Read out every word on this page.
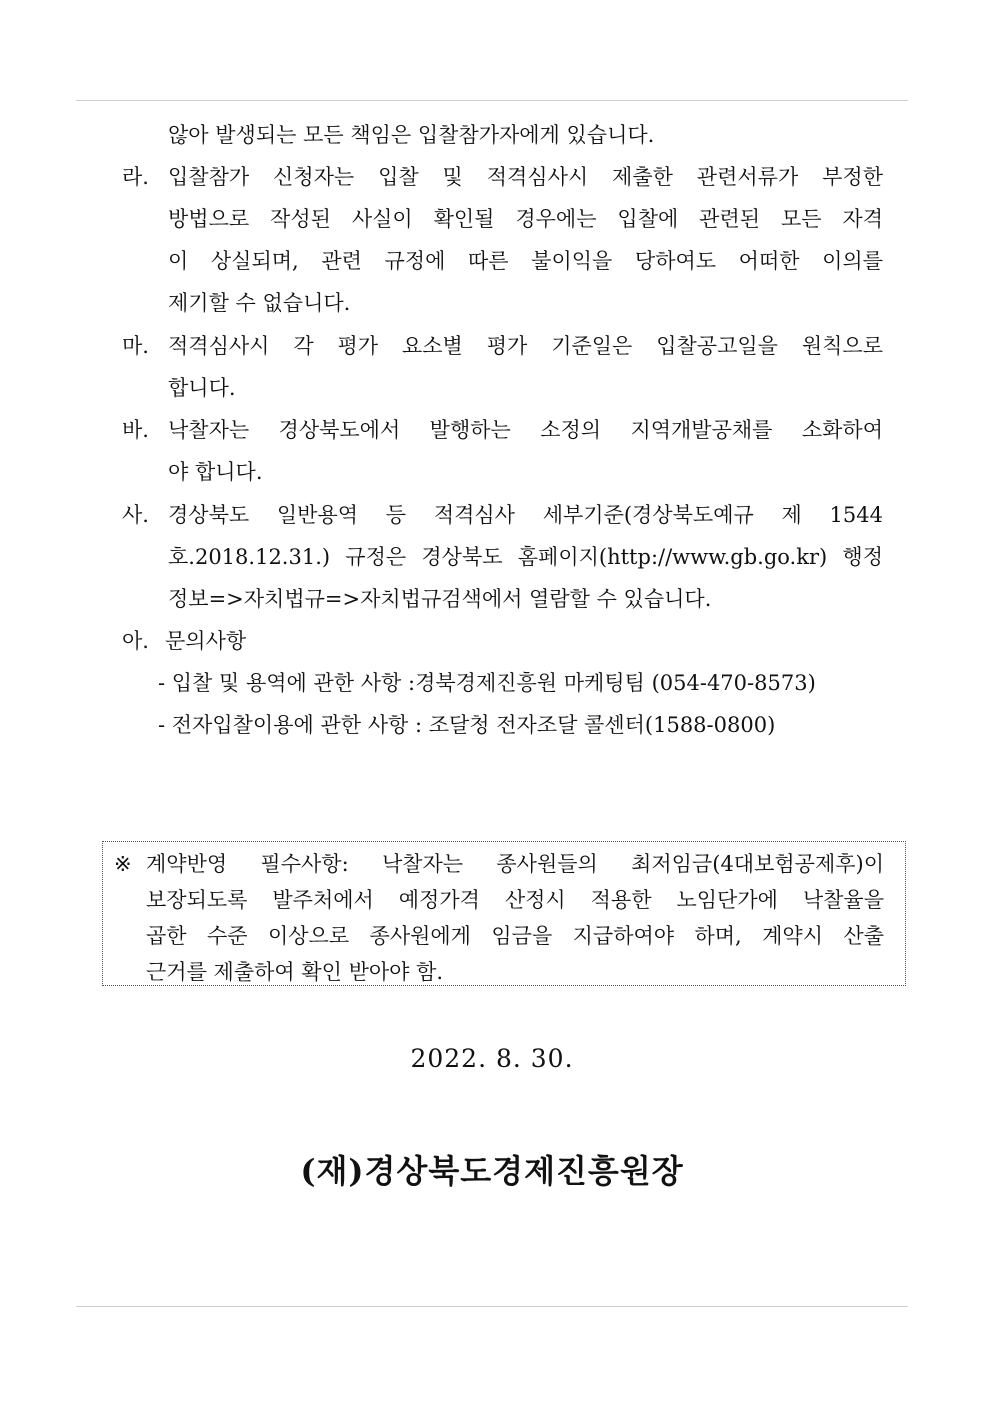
않아 발생되는 모든 책임은 입찰참가자에게 있습니다.
라. 입찰참가 신청자는 입찰 및 적격심사시 제출한 관련서류가 부정한
방법으로 작성된 사실이 확인될 경우에는 입찰에 관련된 모든 자격
이 상실되며, 관련 규정에 따른 불이익을 당하여도 어떠한 이의를
제기할 수 없습니다.
마. 적격심사시 각 평가 요소별 평가 기준일은 입찰공고일을 원칙으로
합니다.
바. 낙찰자는 경상북도에서 발행하는 소정의 지역개발공채를 소화하여
야 합니다.
사. 경상북도 일반용역 등 적격심사 세부기준(경상북도예규 제 1544
호.2018.12.31.) 규정은 경상북도 홈페이지(http://www.gb.go.kr) 행정
정보=>자치법규=>자치법규검색에서 열람할 수 있습니다.
아. 문의사항
- 입찰 및 용역에 관한 사항 :경북경제진흥원 마케팅팀 (054-470-8573)
- 전자입찰이용에 관한 사항 : 조달청 전자조달 콜센터(1588-0800)
※ 계약반영 필수사항: 낙찰자는 종사원들의 최저임금(4대보험공제후)이
보장되도록 발주처에서 예정가격 산정시 적용한 노임단가에 낙찰율을
곱한 수준 이상으로 종사원에게 임금을 지급하여야 하며, 계약시 산출
근거를 제출하여 확인 받아야 함.
2022. 8. 30.
(재)경상북도경제진흥원장
